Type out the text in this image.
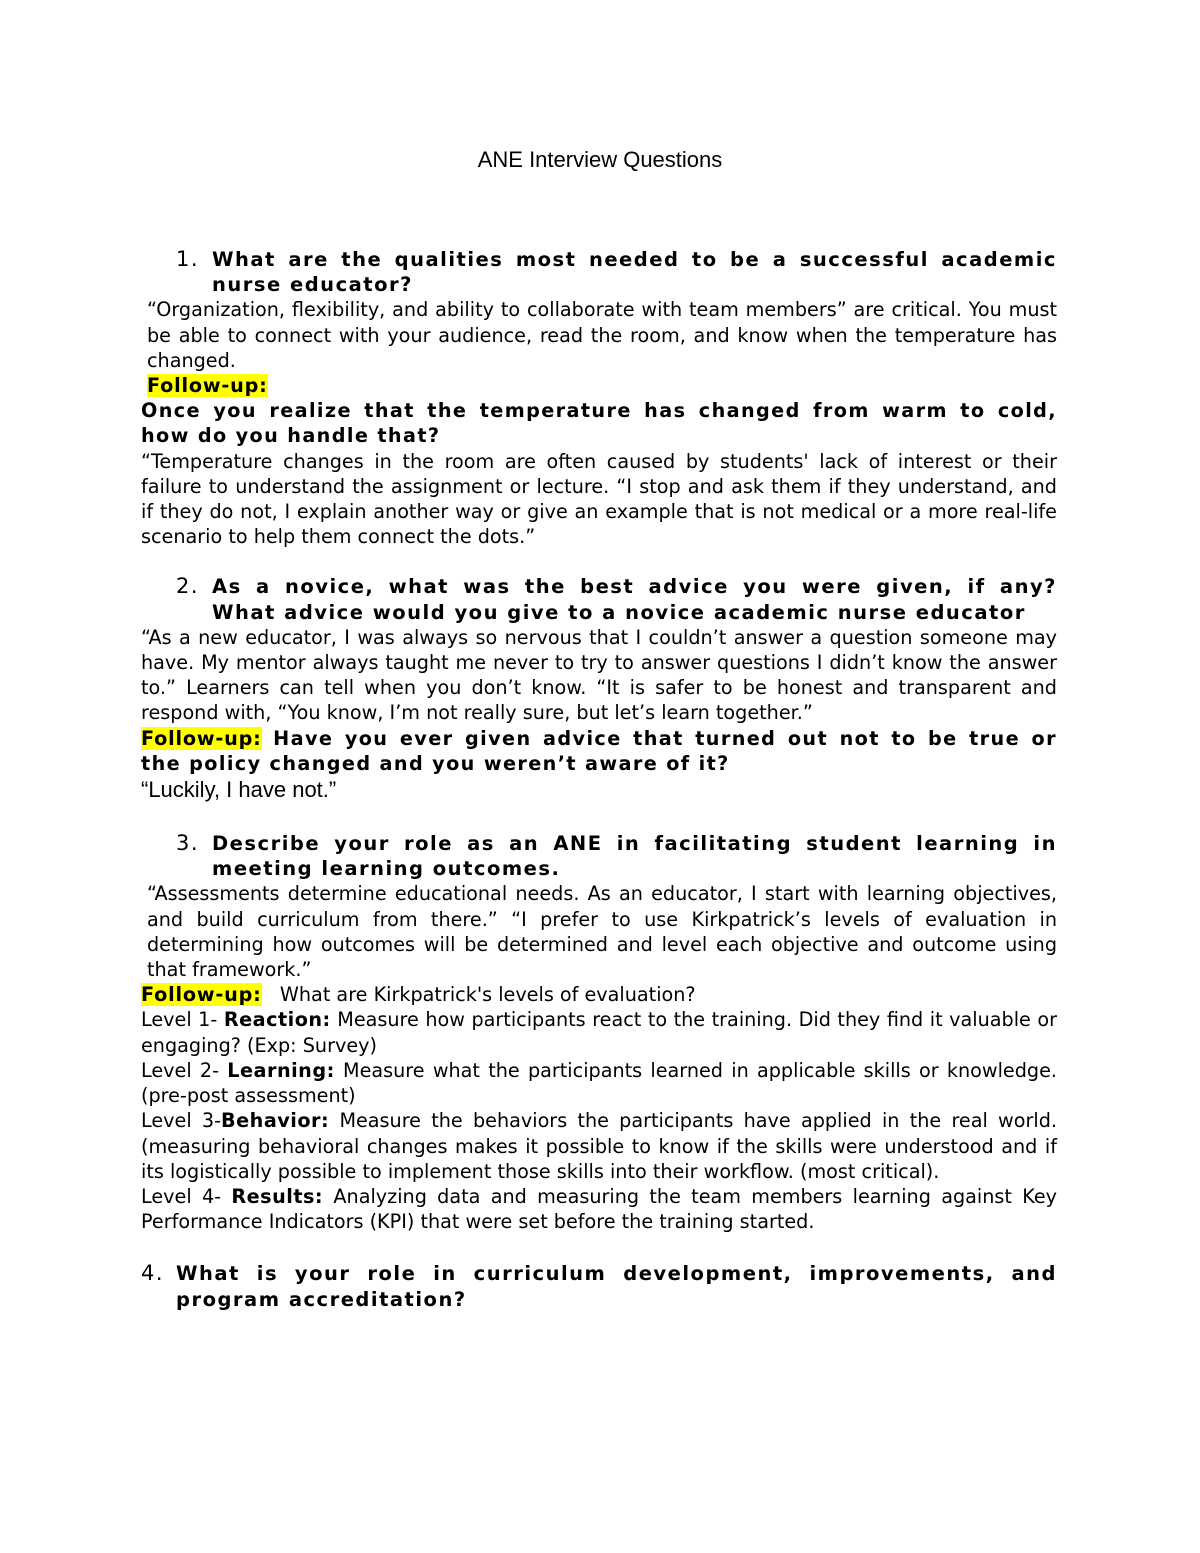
ANE Interview Questions

1. What are the qualities most needed to be a successful academic nurse educator?

“Organization, flexibility, and ability to collaborate with team members” are critical. You must be able to connect with your audience, read the room, and know when the temperature has changed.

Follow-up:

Once you realize that the temperature has changed from warm to cold, how do you handle that?

“Temperature changes in the room are often caused by students' lack of interest or their failure to understand the assignment or lecture. “I stop and ask them if they understand, and if they do not, I explain another way or give an example that is not medical or a more real-life scenario to help them connect the dots.”

2. As a novice, what was the best advice you were given, if any? What advice would you give to a novice academic nurse educator

“As a new educator, I was always so nervous that I couldn’t answer a question someone may have. My mentor always taught me never to try to answer questions I didn’t know the answer to.” Learners can tell when you don’t know. “It is safer to be honest and transparent and respond with, “You know, I’m not really sure, but let’s learn together.”

Follow-up: Have you ever given advice that turned out not to be true or the policy changed and you weren’t aware of it?

“Luckily, I have not.”

3. Describe your role as an ANE in facilitating student learning in meeting learning outcomes.

“Assessments determine educational needs. As an educator, I start with learning objectives, and build curriculum from there.” “I prefer to use Kirkpatrick’s levels of evaluation in determining how outcomes will be determined and level each objective and outcome using that framework.”

Follow-up: What are Kirkpatrick's levels of evaluation?

Level 1- Reaction: Measure how participants react to the training. Did they find it valuable or engaging? (Exp: Survey)

Level 2- Learning: Measure what the participants learned in applicable skills or knowledge. (pre-post assessment)

Level 3-Behavior: Measure the behaviors the participants have applied in the real world. (measuring behavioral changes makes it possible to know if the skills were understood and if its logistically possible to implement those skills into their workflow. (most critical).

Level 4- Results: Analyzing data and measuring the team members learning against Key Performance Indicators (KPI) that were set before the training started.

4. What is your role in curriculum development, improvements, and program accreditation?
